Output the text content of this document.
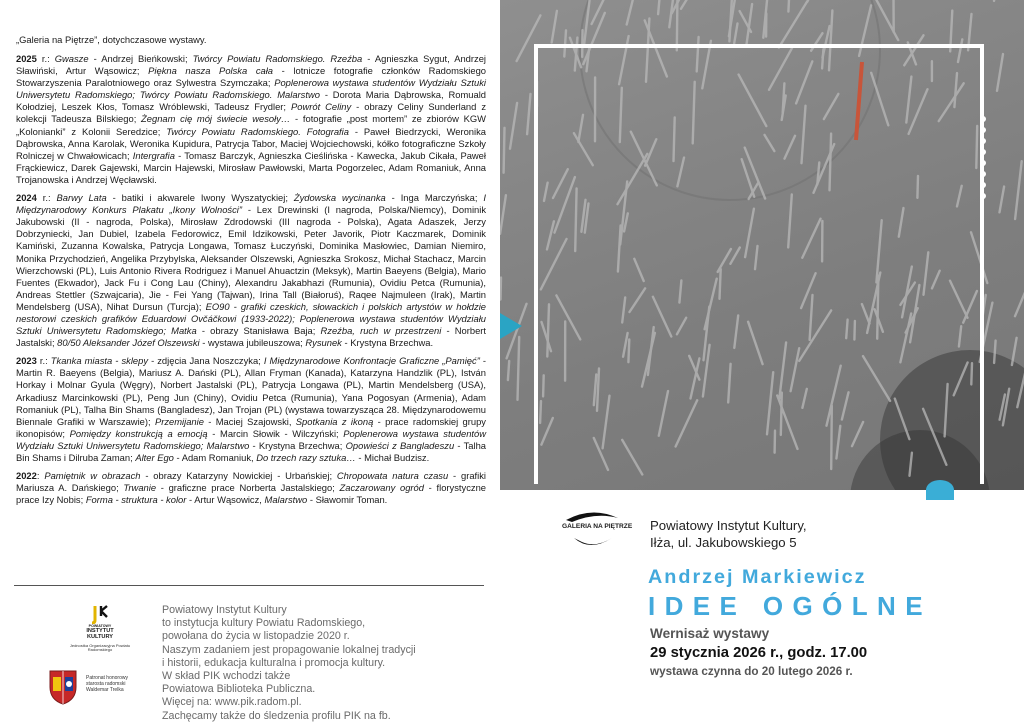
„Galeria na Piętrze”, dotychczasowe wystawy.

2025 r.: Gwasze - Andrzej Bieńkowski; Twórcy Powiatu Radomskiego. Rzeźba - Agnieszka Sygut, Andrzej Sławiński, Artur Wąsowicz; Piękna nasza Polska cała - lotnicze fotografie członków Radomskiego Stowarzyszenia Paralotniowego oraz Sylwestra Szymczaka; Poplenerowa wystawa studentów Wydziału Sztuki Uniwersytetu Radomskiego; Twórcy Powiatu Radomskiego. Malarstwo - Dorota Maria Dąbrowska, Romuald Kołodziej, Leszek Kłos, Tomasz Wróblewski, Tadeusz Frydler; Powrót Celiny - obrazy Celiny Sunderland z kolekcji Tadeusza Bilskiego; Żegnam cię mój świecie wesoły… - fotografie „post mortem” ze zbiorów KGW „Kolonianki” z Kolonii Seredzice; Twórcy Powiatu Radomskiego. Fotografia - Paweł Biedrzycki, Weronika Dąbrowska, Anna Karolak, Weronika Kupidura, Patrycja Tabor, Maciej Wojciechowski, kółko fotograficzne Szkoły Rolniczej w Chwałowicach; Intergrafia - Tomasz Barczyk, Agnieszka Cieślińska - Kawecka, Jakub Cikała, Paweł Frąckiewicz, Darek Gajewski, Marcin Hajewski, Mirosław Pawłowski, Marta Pogorzelec, Adam Romaniuk, Anna Trojanowska i Andrzej Węcławski.

2024 r.: Barwy Lata - batiki i akwarele Iwony Wyszatyckiej; Żydowska wycinanka - Inga Marczyńska; I Międzynarodowy Konkurs Plakatu „Ikony Wolności” - Lex Drewinski (I nagroda, Polska/Niemcy), Dominik Jakubowski (II - nagroda, Polska), Mirosław Zdrodowski (III nagroda - Polska), Agata Adaszek, Jerzy Dobrzyniecki, Jan Dubiel, Izabela Fedorowicz, Emil Idzikowski, Peter Javorik, Piotr Kaczmarek, Dominik Kamiński, Zuzanna Kowalska, Patrycja Longawa, Tomasz Łuczyński, Dominika Masłowiec, Damian Niemiro, Monika Przychodzień, Angelika Przybylska, Aleksander Olszewski, Agnieszka Srokosz, Michał Stachacz, Marcin Wierzchowski (PL), Luis Antonio Rivera Rodriguez i Manuel Ahuactzin (Meksyk), Martin Baeyens (Belgia), Mario Fuentes (Ekwador), Jack Fu i Cong Lau (Chiny), Alexandru Jakabhazi (Rumunia), Ovidiu Petca (Rumunia), Andreas Stettler (Szwajcaria), Jie - Fei Yang (Tajwan), Irina Tall (Białoruś), Raqee Najmuleen (Irak), Martin Mendelsberg (USA), Nihat Dursun (Turcja); EO90 - grafiki czeskich, słowackich i polskich artystów w hołdzie nestorowi czeskich grafików Eduardowi Ovčáčkowi (1933-2022); Poplenerowa wystawa studentów Wydziału Sztuki Uniwersytetu Radomskiego; Matka - obrazy Stanisława Baja; Rzeźba, ruch w przestrzeni - Norbert Jastalski; 80/50 Aleksander Józef Olszewski - wystawa jubileuszowa; Rysunek - Krystyna Brzechwa.

2023 r.: Tkanka miasta - sklepy - zdjęcia Jana Noszczyka; I Międzynarodowe Konfrontacje Graficzne „Pamięć” - Martin R. Baeyens (Belgia), Mariusz A. Dański (PL), Allan Fryman (Kanada), Katarzyna Handzlik (PL), István Horkay i Molnar Gyula (Węgry), Norbert Jastalski (PL), Patrycja Longawa (PL), Martin Mendelsberg (USA), Arkadiusz Marcinkowski (PL), Peng Jun (Chiny), Ovidiu Petca (Rumunia), Yana Pogosyan (Armenia), Adam Romaniuk (PL), Talha Bin Shams (Bangladesz), Jan Trojan (PL) (wystawa towarzysząca 28. Międzynarodowemu Biennale Grafiki w Warszawie); Przemijanie - Maciej Szajowski, Spotkania z ikoną - prace radomskiej grupy ikonopisów; Pomiędzy konstrukcją a emocją - Marcin Słowik - Wilczyński; Poplenerowa wystawa studentów Wydziału Sztuki Uniwersytetu Radomskiego; Malarstwo - Krystyna Brzechwa; Opowieści z Bangladeszu - Talha Bin Shams i Dilruba Zaman; Alter Ego - Adam Romaniuk, Do trzech razy sztuka… - Michał Budzisz.

2022: Pamiętnik w obrazach - obrazy Katarzyny Nowickiej - Urbańskiej; Chropowata natura czasu - grafiki Mariusza A. Dańskiego; Trwanie - graficzne prace Norberta Jastalskiego; Zaczarowany ogród - florystyczne prace Izy Nobis; Forma - struktura - kolor - Artur Wąsowicz, Malarstwo - Sławomir Toman.

POWIATOWY
INSTYTUT
KULTURY
Jednostka Organizacyjna Powiatu Radomskiego
Patronat honorowy
starosta radomski
Waldemar Trelka
Powiatowy Instytut Kultury
to instytucja kultury Powiatu Radomskiego,
powołana do życia w listopadzie 2020 r.
Naszym zadaniem jest propagowanie lokalnej tradycji
i historii, edukacja kulturalna i promocja kultury.
W skład PIK wchodzi także
Powiatowa Biblioteka Publiczna.
Więcej na: www.pik.radom.pl.
Zachęcamy także do śledzenia profilu PIK na fb.
GALERIA NA PIĘTRZE Powiatowy Instytut Kultury,
Iłża, ul. Jakubowskiego 5
Andrzej Markiewicz
IDEE OGÓLNE
Wernisaż wystawy
29 stycznia 2026 r., godz. 17.00
wystawa czynna do 20 lutego 2026 r.
